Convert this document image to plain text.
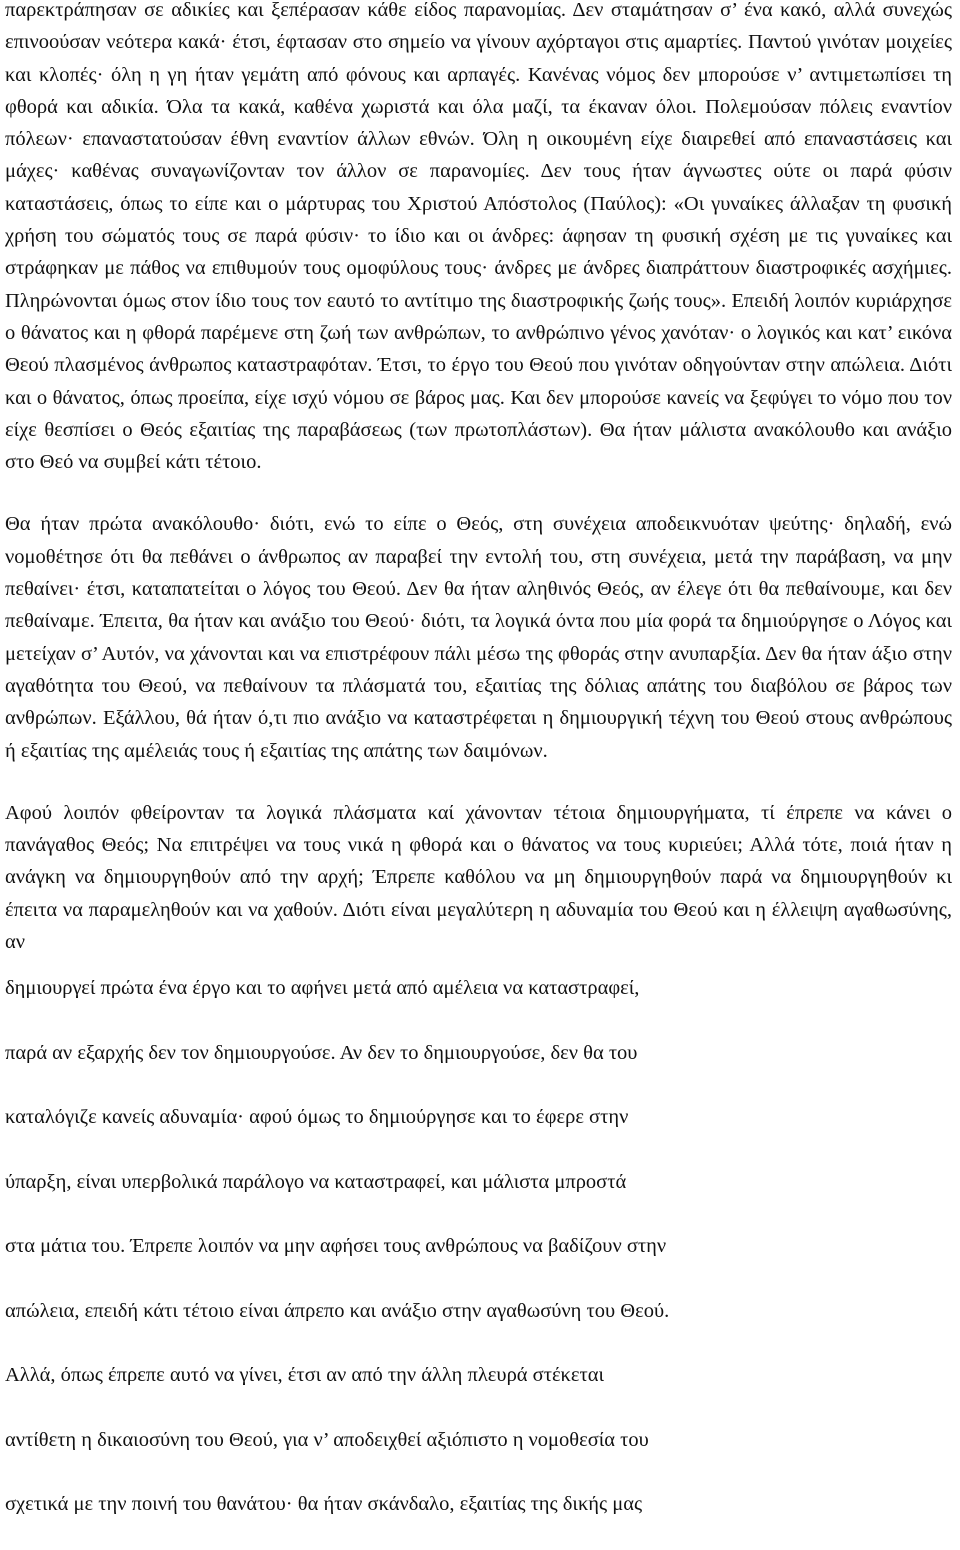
παρεκτράπησαν σε αδικίες και ξεπέρασαν κάθε είδος παρανομίας. Δεν σταμάτησαν σ’ ένα κακό, αλλά συνεχώς επινοούσαν νεότερα κακά· έτσι, έφτασαν στο σημείο να γίνουν αχόρταγοι στις αμαρτίες. Παντού γινόταν μοιχείες και κλοπές· όλη η γη ήταν γεμάτη από φόνους και αρπαγές. Κανένας νόμος δεν μπορούσε ν’ αντιμετωπίσει τη φθορά και αδικία. Όλα τα κακά, καθένα χωριστά και όλα μαζί, τα έκαναν όλοι. Πολεμούσαν πόλεις εναντίον πόλεων· επαναστατούσαν έθνη εναντίον άλλων εθνών. Όλη η οικουμένη είχε διαιρεθεί από επαναστάσεις και μάχες· καθένας συναγωνίζονταν τον άλλον σε παρανομίες. Δεν τους ήταν άγνωστες ούτε οι παρά φύσιν καταστάσεις, όπως το είπε και ο μάρτυρας του Χριστού Απόστολος (Παύλος): «Οι γυναίκες άλλαξαν τη φυσική χρήση του σώματός τους σε παρά φύσιν· το ίδιο και οι άνδρες: άφησαν τη φυσική σχέση με τις γυναίκες και στράφηκαν με πάθος να επιθυμούν τους ομοφύλους τους· άνδρες με άνδρες διαπράττουν διαστροφικές ασχήμιες. Πληρώνονται όμως στον ίδιο τους τον εαυτό το αντίτιμο της διαστροφικής ζωής τους». Επειδή λοιπόν κυριάρχησε ο θάνατος και η φθορά παρέμενε στη ζωή των ανθρώπων, το ανθρώπινο γένος χανόταν· ο λογικός και κατ’ εικόνα Θεού πλασμένος άνθρωπος καταστραφόταν. Έτσι, το έργο του Θεού που γινόταν οδηγούνταν στην απώλεια. Διότι και ο θάνατος, όπως προείπα, είχε ισχύ νόμου σε βάρος μας. Και δεν μπορούσε κανείς να ξεφύγει το νόμο που τον είχε θεσπίσει ο Θεός εξαιτίας της παραβάσεως (των πρωτοπλάστων). Θα ήταν μάλιστα ανακόλουθο και ανάξιο στο Θεό να συμβεί κάτι τέτοιο.

Θα ήταν πρώτα ανακόλουθο· διότι, ενώ το είπε ο Θεός, στη συνέχεια αποδεικνυόταν ψεύτης· δηλαδή, ενώ νομοθέτησε ότι θα πεθάνει ο άνθρωπος αν παραβεί την εντολή του, στη συνέχεια, μετά την παράβαση, να μην πεθαίνει· έτσι, καταπατείται ο λόγος του Θεού. Δεν θα ήταν αληθινός Θεός, αν έλεγε ότι θα πεθαίνουμε, και δεν πεθαίναμε. Έπειτα, θα ήταν και ανάξιο του Θεού· διότι, τα λογικά όντα που μία φορά τα δημιούργησε ο Λόγος και μετείχαν σ’ Αυτόν, να χάνονται και να επιστρέφουν πάλι μέσω της φθοράς στην ανυπαρξία. Δεν θα ήταν άξιο στην αγαθότητα του Θεού, να πεθαίνουν τα πλάσματά του, εξαιτίας της δόλιας απάτης του διαβόλου σε βάρος των ανθρώπων. Εξάλλου, θά ήταν ό,τι πιο ανάξιο να καταστρέφεται η δημιουργική τέχνη του Θεού στους ανθρώπους ή εξαιτίας της αμέλειάς τους ή εξαιτίας της απάτης των δαιμόνων.

Αφού λοιπόν φθείρονταν τα λογικά πλάσματα καί χάνονταν τέτοια δημιουργήματα, τί έπρεπε να κάνει ο πανάγαθος Θεός; Να επιτρέψει να τους νικά η φθορά και ο θάνατος να τους κυριεύει; Αλλά τότε, ποιά ήταν η ανάγκη να δημιουργηθούν από την αρχή; Έπρεπε καθόλου να μη δημιουργηθούν παρά να δημιουργηθούν κι έπειτα να παραμεληθούν και να χαθούν. Διότι είναι μεγαλύτερη η αδυναμία του Θεού και η έλλειψη αγαθωσύνης, αν

δημιουργεί πρώτα ένα έργο και το αφήνει μετά από αμέλεια να καταστραφεί,

παρά αν εξαρχής δεν τον δημιουργούσε. Αν δεν το δημιουργούσε, δεν θα του

καταλόγιζε κανείς αδυναμία· αφού όμως το δημιούργησε και το έφερε στην

ύπαρξη, είναι υπερβολικά παράλογο να καταστραφεί, και μάλιστα μπροστά

στα μάτια του. Έπρεπε λοιπόν να μην αφήσει τους ανθρώπους να βαδίζουν στην

απώλεια, επειδή κάτι τέτοιο είναι άπρεπο και ανάξιο στην αγαθωσύνη του Θεού.

Αλλά, όπως έπρεπε αυτό να γίνει, έτσι αν από την άλλη πλευρά στέκεται

αντίθετη η δικαιοσύνη του Θεού, για ν’ αποδειχθεί αξιόπιστο η νομοθεσία του

σχετικά με την ποινή του θανάτου· θα ήταν σκάνδαλο, εξαιτίας της δικής μας
